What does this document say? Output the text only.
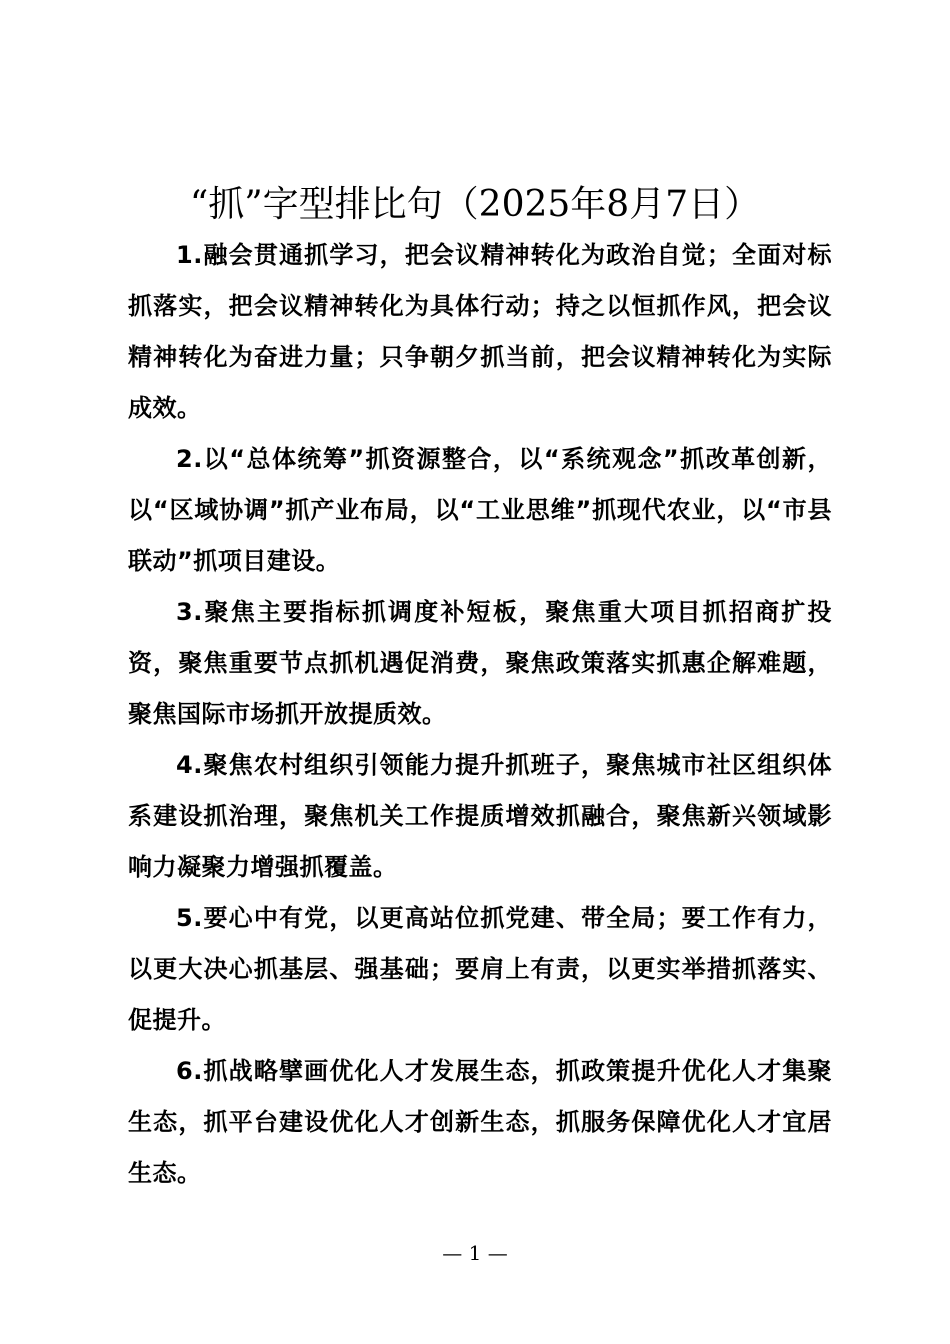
“抓”字型排比句（2025年8月7日）

1.融会贯通抓学习，把会议精神转化为政治自觉；全面对标抓落实，把会议精神转化为具体行动；持之以恒抓作风，把会议精神转化为奋进力量；只争朝夕抓当前，把会议精神转化为实际成效。

2.以“总体统筹”抓资源整合，以“系统观念”抓改革创新，以“区域协调”抓产业布局，以“工业思维”抓现代农业，以“市县联动”抓项目建设。

3.聚焦主要指标抓调度补短板，聚焦重大项目抓招商扩投资，聚焦重要节点抓机遇促消费，聚焦政策落实抓惠企解难题，聚焦国际市场抓开放提质效。

4.聚焦农村组织引领能力提升抓班子，聚焦城市社区组织体系建设抓治理，聚焦机关工作提质增效抓融合，聚焦新兴领域影响力凝聚力增强抓覆盖。

5.要心中有党，以更高站位抓党建、带全局；要工作有力，以更大决心抓基层、强基础；要肩上有责，以更实举措抓落实、促提升。

6.抓战略擘画优化人才发展生态，抓政策提升优化人才集聚生态，抓平台建设优化人才创新生态，抓服务保障优化人才宜居生态。

— 1 —
